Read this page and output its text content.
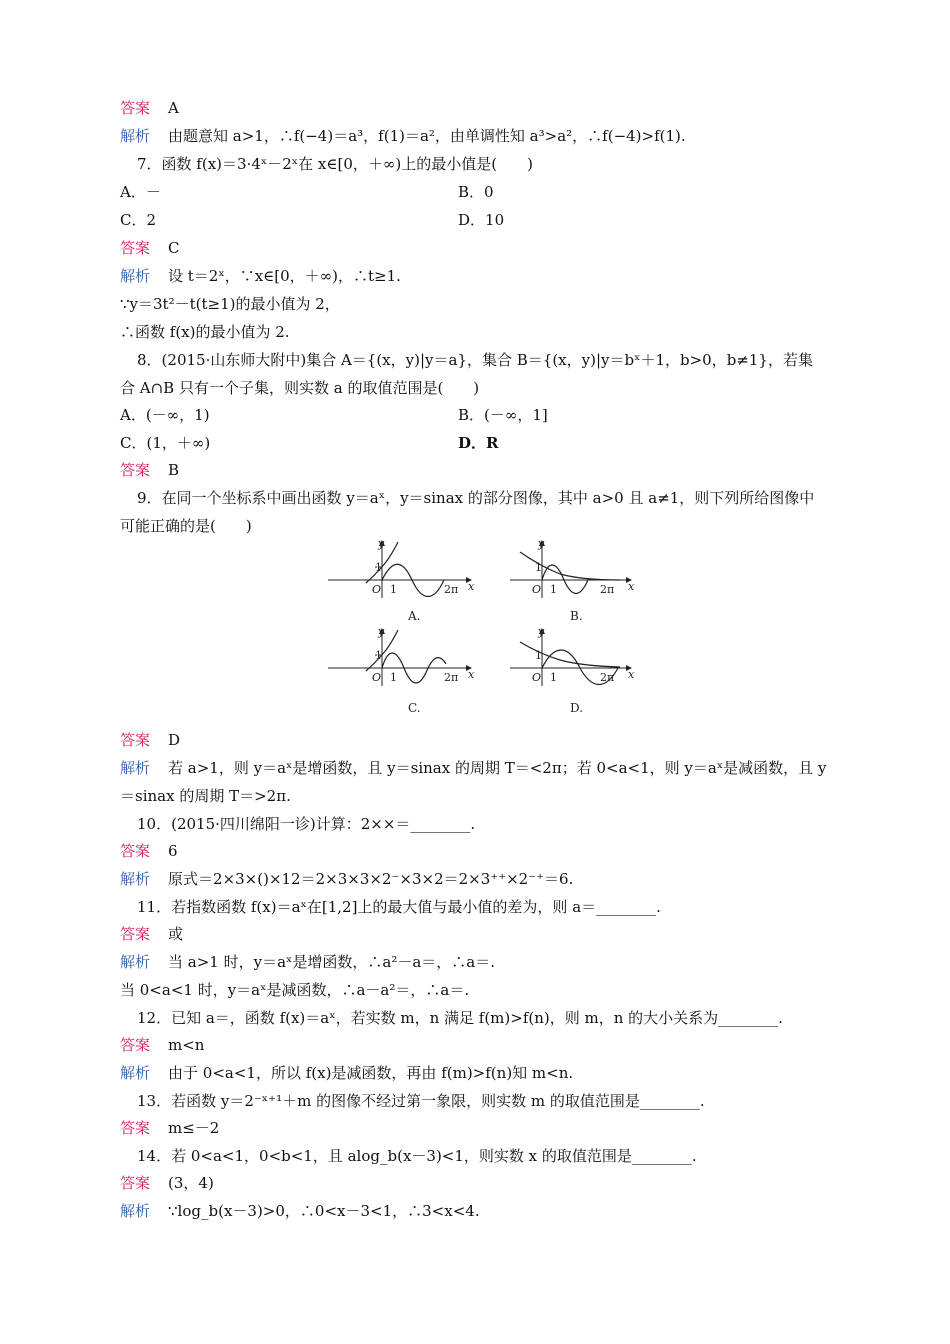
答案 A
解析 由题意知 a>1，∴f(−4)＝a³，f(1)＝a²，由单调性知 a³>a²，∴f(−4)>f(1).
7．函数 f(x)＝3·4ˣ－2ˣ在 x∈[0，＋∞)上的最小值是(　　)
A．－	B．0
C．2	D．10
答案 C
解析 设 t＝2ˣ，∵x∈[0，＋∞)，∴t≥1.
∵y＝3t²－t(t≥1)的最小值为 2，
∴函数 f(x)的最小值为 2.
8．(2015·山东师大附中)集合 A＝{(x，y)|y＝a}，集合 B＝{(x，y)|y＝bˣ＋1，b>0，b≠1}，若集
合 A∩B 只有一个子集，则实数 a 的取值范围是(　　)
A．(－∞，1)	B．(－∞，1]
C．(1，＋∞)	D．R
答案 B
9．在同一个坐标系中画出函数 y＝aˣ，y＝sinax 的部分图像，其中 a>0 且 a≠1，则下列所给图像中
可能正确的是(　　)
y
x
O
1
1	2π
A.
y
x
O
1
1	2π
B.
y
x
O
1
1	2π
C.
y
x
O
1
1	2π
D.
答案 D
解析 若 a>1，则 y＝aˣ是增函数，且 y＝sinax 的周期 T＝<2π；若 0<a<1，则 y＝aˣ是减函数，且 y
＝sinax 的周期 T＝>2π.
10．(2015·四川绵阳一诊)计算：2××＝________.
答案 6
解析 原式＝2×3×()×12＝2×3×3×2⁻×3×2＝2×3⁺⁺×2⁻⁺＝6.
11．若指数函数 f(x)＝aˣ在[1,2]上的最大值与最小值的差为，则 a＝________.
答案 或
解析 当 a>1 时，y＝aˣ是增函数，∴a²－a＝，∴a＝.
当 0<a<1 时，y＝aˣ是减函数，∴a－a²＝，∴a＝.
12．已知 a＝，函数 f(x)＝aˣ，若实数 m，n 满足 f(m)>f(n)，则 m，n 的大小关系为________.
答案 m<n
解析 由于 0<a<1，所以 f(x)是减函数，再由 f(m)>f(n)知 m<n.
13．若函数 y＝2⁻ˣ⁺¹＋m 的图像不经过第一象限，则实数 m 的取值范围是________.
答案 m≤－2
14．若 0<a<1，0<b<1，且 alog_b(x－3)<1，则实数 x 的取值范围是________.
答案 (3，4)
解析 ∵log_b(x－3)>0，∴0<x－3<1，∴3<x<4.
